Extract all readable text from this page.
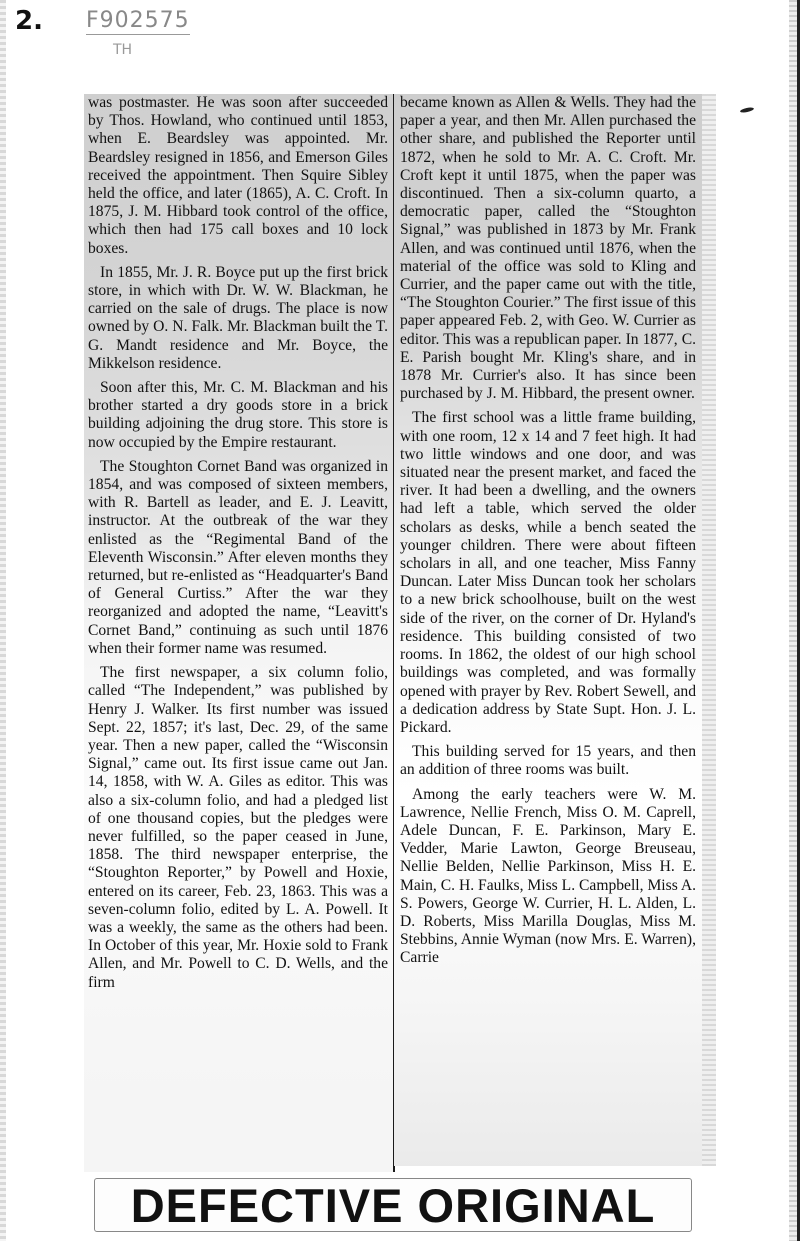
2. F902575
TH

was postmaster. He was soon after succeeded by Thos. Howland, who continued until 1853, when E. Beardsley was appointed. Mr. Beardsley resigned in 1856, and Emerson Giles received the appointment. Then Squire Sibley held the office, and later (1865), A. C. Croft. In 1875, J. M. Hibbard took control of the office, which then had 175 call boxes and 10 lock boxes.

In 1855, Mr. J. R. Boyce put up the first brick store, in which with Dr. W. W. Blackman, he carried on the sale of drugs. The place is now owned by O. N. Falk. Mr. Blackman built the T. G. Mandt residence and Mr. Boyce, the Mikkelson residence.

Soon after this, Mr. C. M. Blackman and his brother started a dry goods store in a brick building adjoining the drug store. This store is now occupied by the Empire restaurant.

The Stoughton Cornet Band was organized in 1854, and was composed of sixteen members, with R. Bartell as leader, and E. J. Leavitt, instructor. At the outbreak of the war they enlisted as the “Regimental Band of the Eleventh Wisconsin.” After eleven months they returned, but re-enlisted as “Headquarter's Band of General Curtiss.” After the war they reorganized and adopted the name, “Leavitt's Cornet Band,” continuing as such until 1876 when their former name was resumed.

The first newspaper, a six column folio, called “The Independent,” was published by Henry J. Walker. Its first number was issued Sept. 22, 1857; it's last, Dec. 29, of the same year. Then a new paper, called the “Wisconsin Signal,” came out. Its first issue came out Jan. 14, 1858, with W. A. Giles as editor. This was also a six-column folio, and had a pledged list of one thousand copies, but the pledges were never fulfilled, so the paper ceased in June, 1858. The third newspaper enterprise, the “Stoughton Reporter,” by Powell and Hoxie, entered on its career, Feb. 23, 1863. This was a seven-column folio, edited by L. A. Powell. It was a weekly, the same as the others had been. In October of this year, Mr. Hoxie sold to Frank Allen, and Mr. Powell to C. D. Wells, and the firm

became known as Allen & Wells. They had the paper a year, and then Mr. Allen purchased the other share, and published the Reporter until 1872, when he sold to Mr. A. C. Croft. Mr. Croft kept it until 1875, when the paper was discontinued. Then a six-column quarto, a democratic paper, called the “Stoughton Signal,” was published in 1873 by Mr. Frank Allen, and was continued until 1876, when the material of the office was sold to Kling and Currier, and the paper came out with the title, “The Stoughton Courier.” The first issue of this paper appeared Feb. 2, with Geo. W. Currier as editor. This was a republican paper. In 1877, C. E. Parish bought Mr. Kling's share, and in 1878 Mr. Currier's also. It has since been purchased by J. M. Hibbard, the present owner.

The first school was a little frame building, with one room, 12 x 14 and 7 feet high. It had two little windows and one door, and was situated near the present market, and faced the river. It had been a dwelling, and the owners had left a table, which served the older scholars as desks, while a bench seated the younger children. There were about fifteen scholars in all, and one teacher, Miss Fanny Duncan. Later Miss Duncan took her scholars to a new brick schoolhouse, built on the west side of the river, on the corner of Dr. Hyland's residence. This building consisted of two rooms. In 1862, the oldest of our high school buildings was completed, and was formally opened with prayer by Rev. Robert Sewell, and a dedication address by State Supt. Hon. J. L. Pickard.

This building served for 15 years, and then an addition of three rooms was built.

Among the early teachers were W. M. Lawrence, Nellie French, Miss O. M. Caprell, Adele Duncan, F. E. Parkinson, Mary E. Vedder, Marie Lawton, George Breuseau, Nellie Belden, Nellie Parkinson, Miss H. E. Main, C. H. Faulks, Miss L. Campbell, Miss A. S. Powers, George W. Currier, H. L. Alden, L. D. Roberts, Miss Marilla Douglas, Miss M. Stebbins, Annie Wyman (now Mrs. E. Warren), Carrie

DEFECTIVE ORIGINAL
